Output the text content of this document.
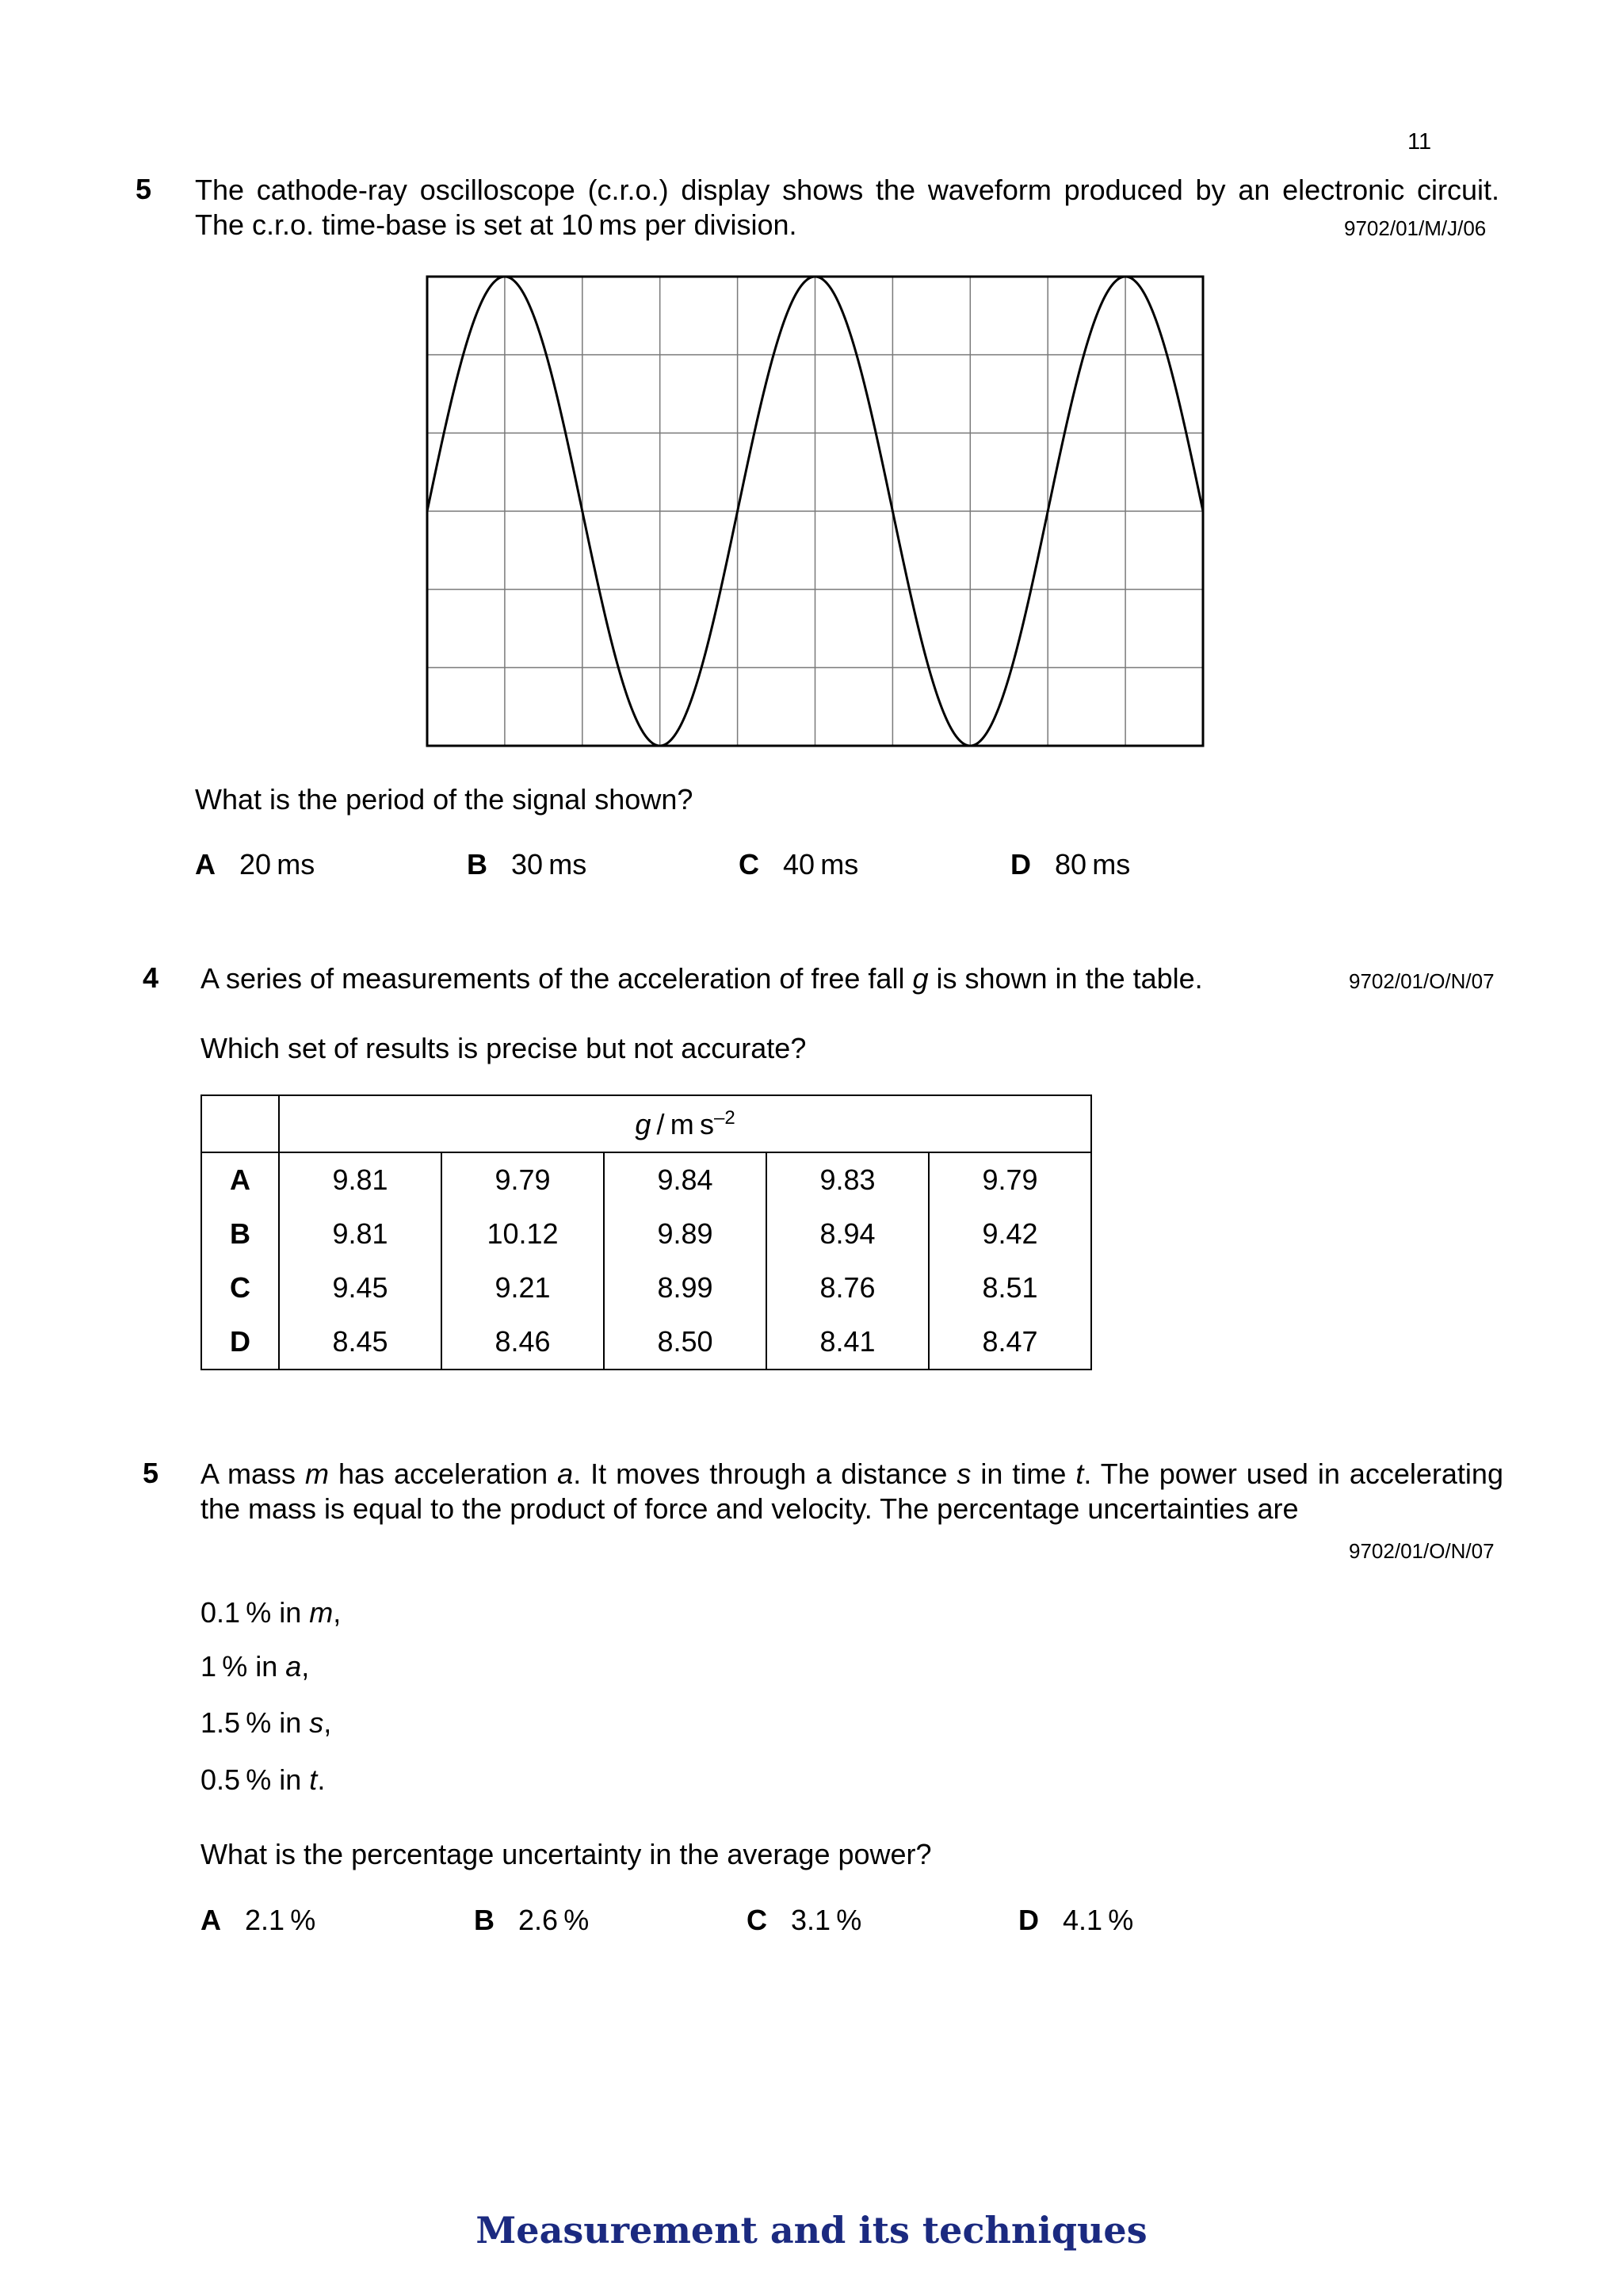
11
5 The cathode-ray oscilloscope (c.r.o.) display shows the waveform produced by an electronic circuit. The c.r.o. time-base is set at 10 ms per division.	9702/01/M/J/06
What is the period of the signal shown?
A 20 ms	B 30 ms	C 40 ms	D 80 ms
4 A series of measurements of the acceleration of free fall g is shown in the table.	9702/01/O/N/07
Which set of results is precise but not accurate?
	g / m $s^{-2}$
A	9.81	9.79	9.84	9.83	9.79
B	9.81	10.12	9.89	8.94	9.42
C	9.45	9.21	8.99	8.76	8.51
D	8.45	8.46	8.50	8.41	8.47
5 A mass m has acceleration a. It moves through a distance s in time t. The power used in accelerating the mass is equal to the product of force and velocity. The percentage uncertainties are
9702/01/O/N/07
0.1 % in m,
1 % in a,
1.5 % in s,
0.5 % in t.
What is the percentage uncertainty in the average power?
A 2.1 %	B 2.6 %	C 3.1 %	D 4.1 %
Measurement and its techniques
